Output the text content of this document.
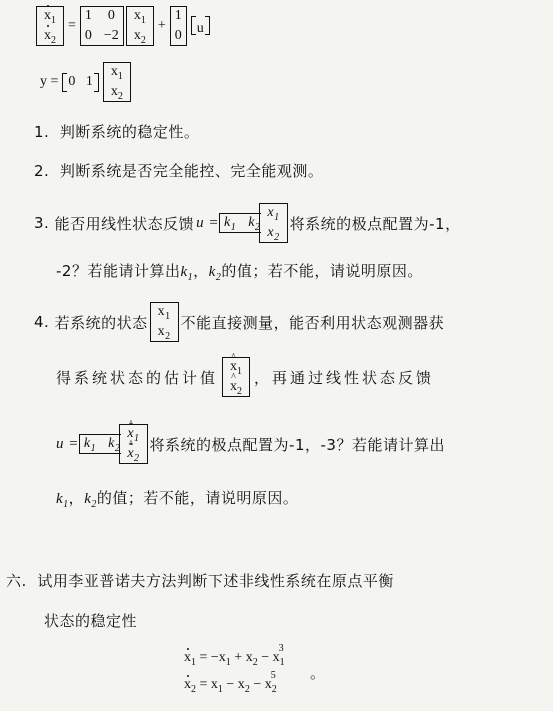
$x_1$
$x_2$
=
1 0
0 −2
$x_1$
$x_2$
+
1
0	u
y = 0
1
$x_1$
$x_2$
1. 判断系统的稳定性。
2. 判断系统是否完全能控、完全能观测。
3.
能否用线性状态反馈 $u = k_1$ $k_2$
$x_1$
$x_2$
将系统的极点配置为-1，
-2？若能请计算出$k_1$，$k_2$的值；若不能，请说明原因。
4.
若系统的状态
$x_1$
$x_2$
不能直接测量，能否利用状态观测器获
得系统状态的估计值
^ $x_1$
^ $x_2$
，再通过线性状态反馈
$u = k_1$ $k_2$
^ $x_1$
^ $x_2$
将系统的极点配置为-1，-3？若能请计算出
$k_1$，$k_2$的值；若不能，请说明原因。
六. 试用李亚普诺夫方法判断下述非线性系统在原点平衡
状态的稳定性
$x_1 = -x_1 + x_2 - x_1^3$
$x_2 = x_1 - x_2 - x_2^5$	。
